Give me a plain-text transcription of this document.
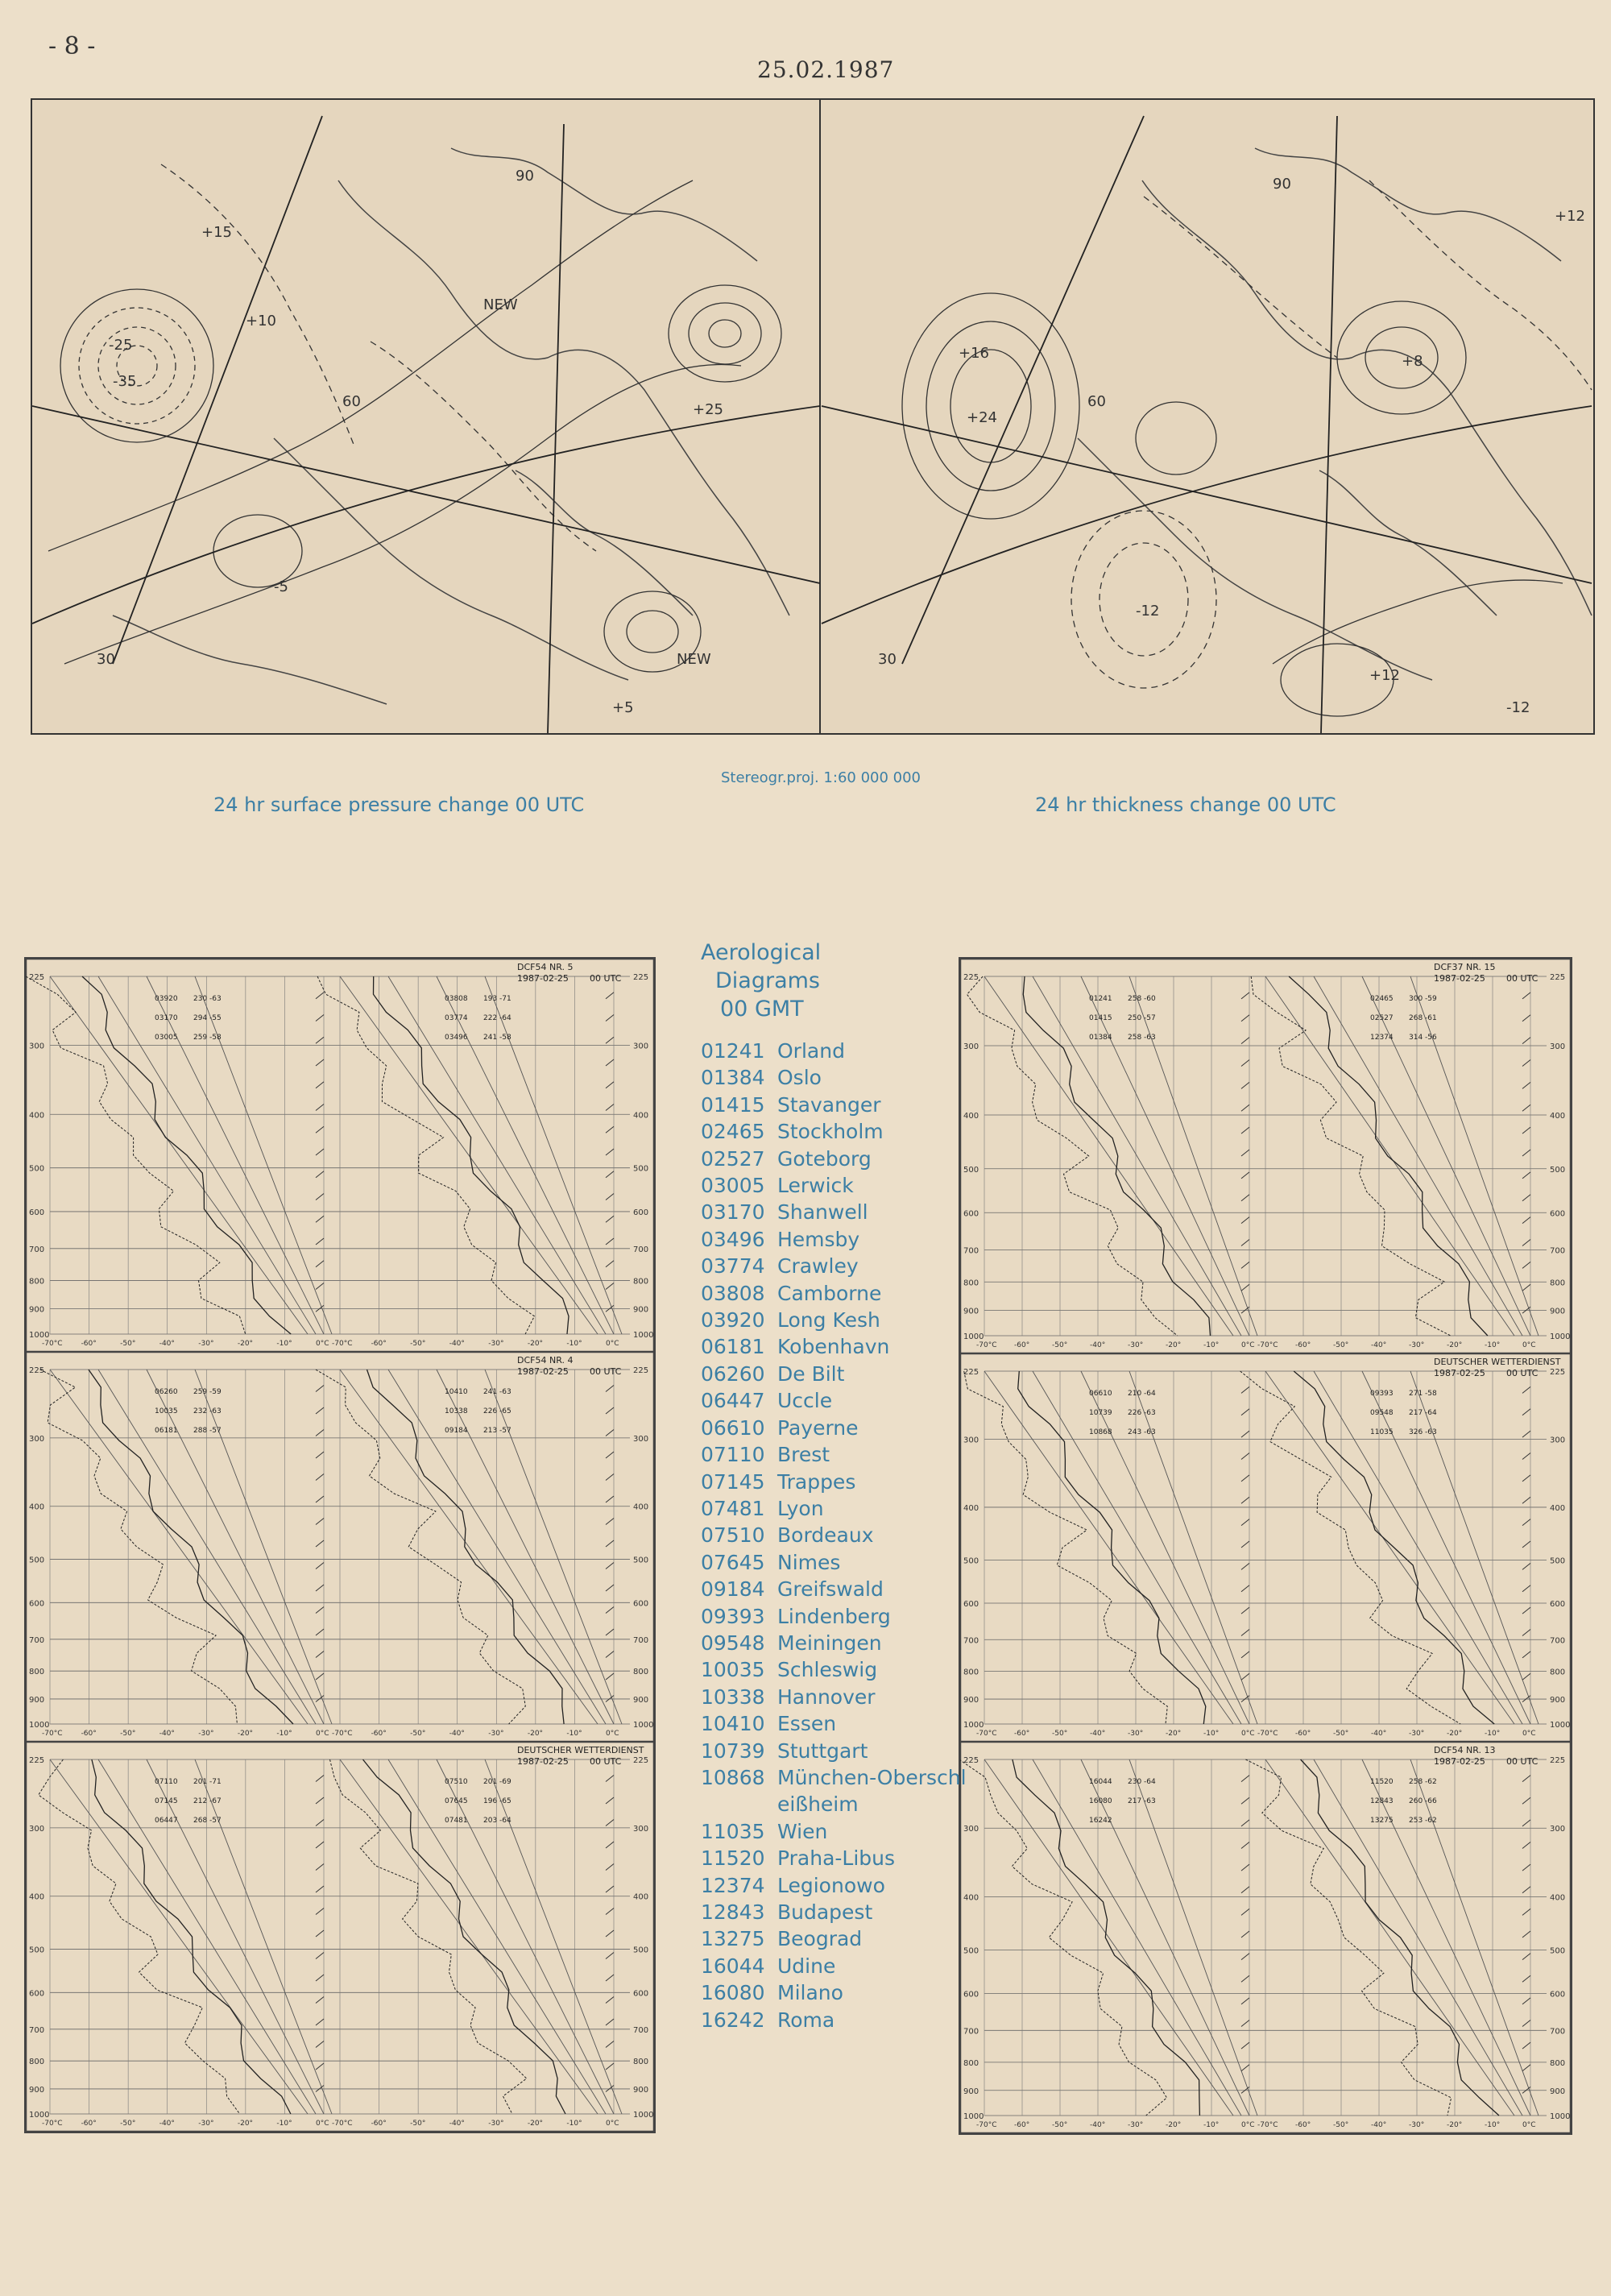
- 8 -
25.02.1987
+15
+10
-25
-35
+25
NEW
NEW
-5
90
60
30
+5
+24
+16
-12
+8
90
60
30
-12
+12
+12
24 hr surface pressure change 00 UTC
Stereogr.proj. 1:60 000 000
24 hr thickness change 00 UTC
225	225
300	300
400	400
500	500
600	600
700	700
800	800
900	900
1000	1000
-70°C	-60°	-50°	-40°	-30°	-20°	-10°	0°C -70°C	-60°	-50°	-40°	-30°	-20°	-10°	0°C
03920 230 -63
03170 294 -55
03005 259 -58
03808 193 -71
03774 222 -64
03496 241 -58
DCF54 NR. 5
1987-02-25 00 UTC
225	225
300	300
400	400
500	500
600	600
700	700
800	800
900	900
1000	1000
-70°C	-60°	-50°	-40°	-30°	-20°	-10°	0°C -70°C	-60°	-50°	-40°	-30°	-20°	-10°	0°C
06260 259 -59
10035 232 -63
06181 288 -57
10410 241 -63
10338 226 -65
09184 213 -57
DCF54 NR. 4
1987-02-25 00 UTC
225	225
300	300
400	400
500	500
600	600
700	700
800	800
900	900
1000	1000
-70°C	-60°	-50°	-40°	-30°	-20°	-10°	0°C -70°C	-60°	-50°	-40°	-30°	-20°	-10°	0°C
07110 201 -71
07145 212 -67
06447 268 -57
07510 201 -69
07645 196 -65
07481 203 -64
DEUTSCHER WETTERDIENST
1987-02-25 00 UTC
225	225
300	300
400	400
500	500
600	600
700	700
800	800
900	900
1000	1000
-70°C -60°	-50°	-40°	-30°	-20°	-10°	0°C -70°C -60°	-50°	-40°	-30°	-20°	-10°	0°C
01241 258 -60
01415 250 -57
01384 258 -63
02465 300 -59
02527 268 -61
12374 314 -56
DCF37 NR. 15
1987-02-25 00 UTC
225	225
300	300
400	400
500	500
600	600
700	700
800	800
900	900
1000	1000
-70°C -60°	-50°	-40°	-30°	-20°	-10°	0°C -70°C -60°	-50°	-40°	-30°	-20°	-10°	0°C
06610 210 -64
10739 226 -63
10868 243 -63
09393 271 -58
09548 217 -64
11035 326 -63
DEUTSCHER WETTERDIENST
1987-02-25 00 UTC
225	225
300	300
400	400
500	500
600	600
700	700
800	800
900	900
1000	1000
-70°C -60°	-50°	-40°	-30°	-20°	-10°	0°C -70°C -60°	-50°	-40°	-30°	-20°	-10°	0°C
16044 230 -64
16080 217 -63
16242
11520 258 -62
12843 260 -66
13275 253 -62
DCF54 NR. 13
1987-02-25 00 UTC
Aerological
Diagrams
00 GMT
01241 Orland
01384 Oslo
01415 Stavanger
02465 Stockholm
02527 Goteborg
03005 Lerwick
03170 Shanwell
03496 Hemsby
03774 Crawley
03808 Camborne
03920 Long Kesh
06181 Kobenhavn
06260 De Bilt
06447 Uccle
06610 Payerne
07110 Brest
07145 Trappes
07481 Lyon
07510 Bordeaux
07645 Nimes
09184 Greifswald
09393 Lindenberg
09548 Meiningen
10035 Schleswig
10338 Hannover
10410 Essen
10739 Stuttgart
10868 München-Oberschleißheim
11035 Wien
11520 Praha-Libus
12374 Legionowo
12843 Budapest
13275 Beograd
16044 Udine
16080 Milano
16242 Roma
